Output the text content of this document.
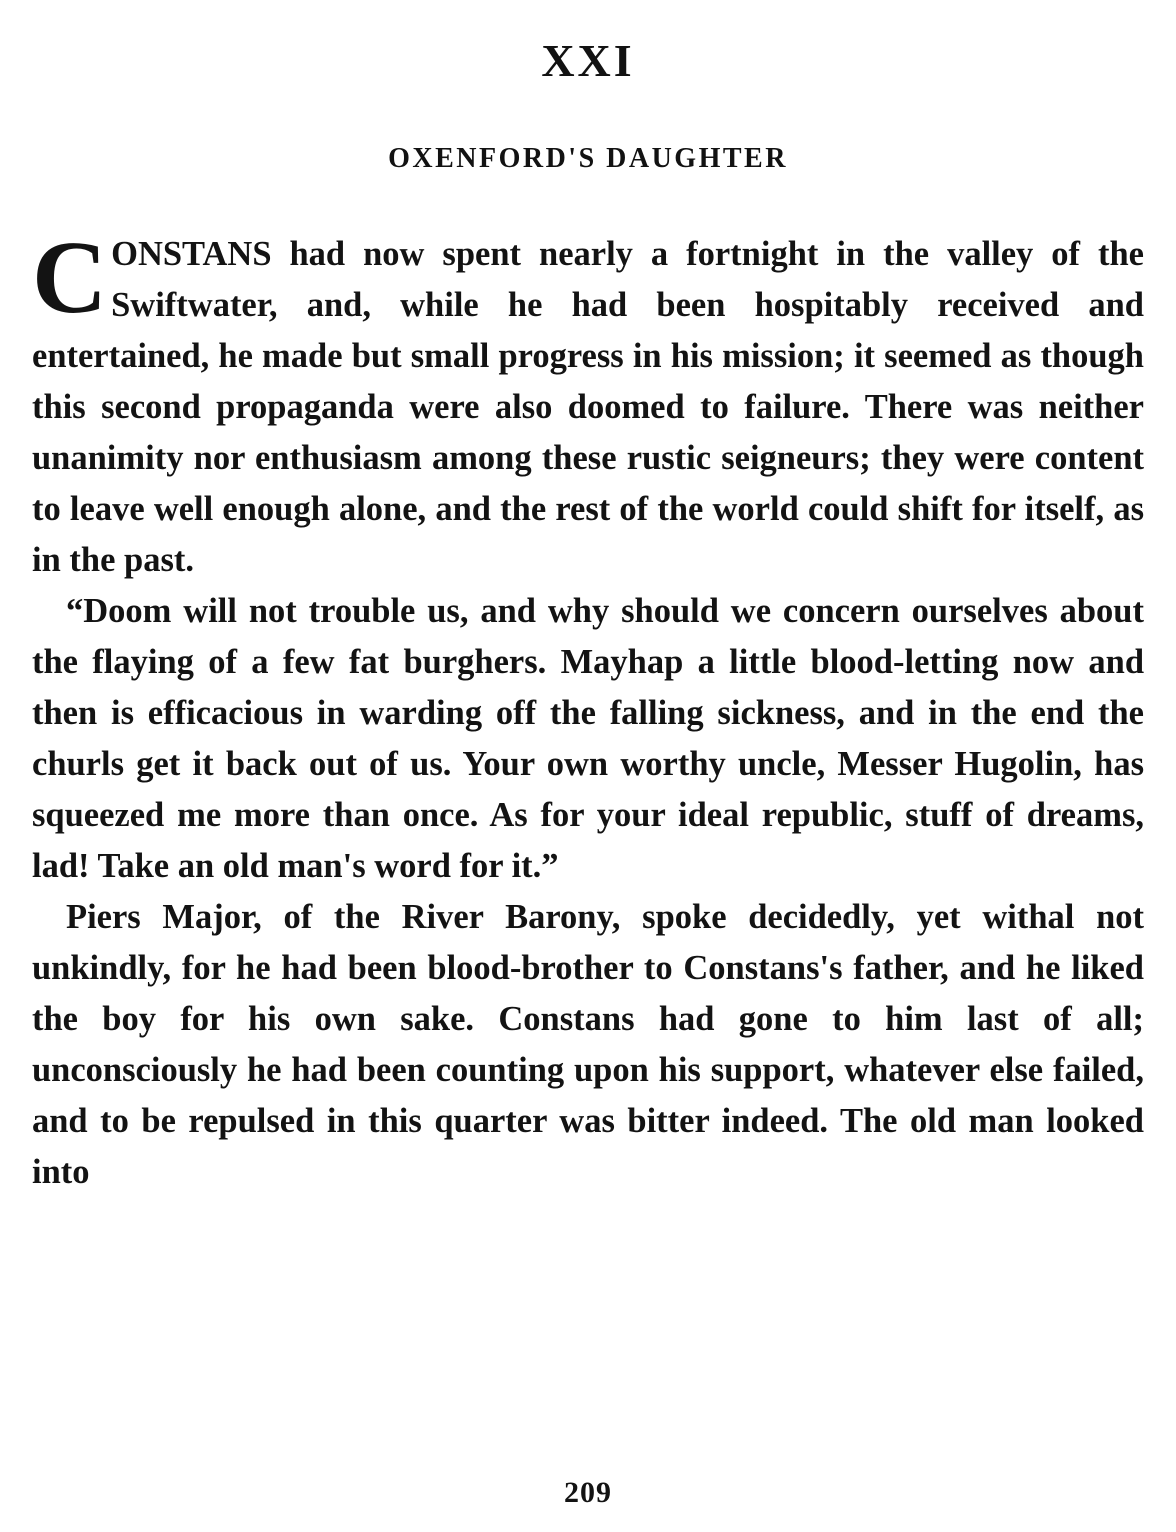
XXI
OXENFORD'S DAUGHTER

CONSTANS had now spent nearly a fortnight in the valley of the Swiftwater, and, while he had been hospitably received and entertained, he made but small progress in his mission; it seemed as though this second propaganda were also doomed to failure. There was neither unanimity nor enthusiasm among these rustic seigneurs; they were content to leave well enough alone, and the rest of the world could shift for itself, as in the past.

“Doom will not trouble us, and why should we concern ourselves about the flaying of a few fat burghers. Mayhap a little blood-letting now and then is efficacious in warding off the falling sickness, and in the end the churls get it back out of us. Your own worthy uncle, Messer Hugolin, has squeezed me more than once. As for your ideal republic, stuff of dreams, lad! Take an old man's word for it.”

Piers Major, of the River Barony, spoke decidedly, yet withal not unkindly, for he had been blood-brother to Constans's father, and he liked the boy for his own sake. Constans had gone to him last of all; unconsciously he had been counting upon his support, whatever else failed, and to be repulsed in this quarter was bitter indeed. The old man looked into

209
